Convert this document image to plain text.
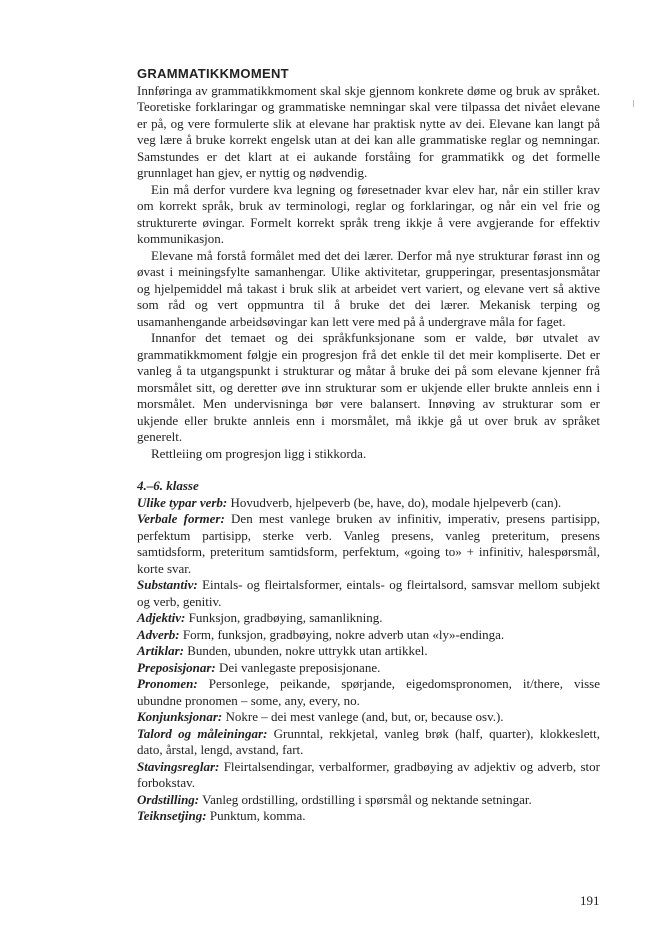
GRAMMATIKKMOMENT

Innføringa av grammatikkmoment skal skje gjennom konkrete døme og bruk av språket. Teoretiske forklaringar og grammatiske nemningar skal vere tilpassa det nivået elevane er på, og vere formulerte slik at elevane har praktisk nytte av dei. Elevane kan langt på veg lære å bruke korrekt engelsk utan at dei kan alle grammatiske reglar og nemningar. Samstundes er det klart at ei aukande forståing for grammatikk og det formelle grunnlaget han gjev, er nyttig og nødvendig.

Ein må derfor vurdere kva legning og føresetnader kvar elev har, når ein stiller krav om korrekt språk, bruk av terminologi, reglar og forklaringar, og når ein vel frie og strukturerte øvingar. Formelt korrekt språk treng ikkje å vere avgjerande for effektiv kommunikasjon.

Elevane må forstå formålet med det dei lærer. Derfor må nye strukturar førast inn og øvast i meiningsfylte samanhengar. Ulike aktivitetar, grupperingar, presentasjonsmåtar og hjelpemiddel må takast i bruk slik at arbeidet vert variert, og elevane vert så aktive som råd og vert oppmuntra til å bruke det dei lærer. Mekanisk terping og usamanhengande arbeidsøvingar kan lett vere med på å undergrave måla for faget.

Innanfor det temaet og dei språkfunksjonane som er valde, bør utvalet av grammatikkmoment følgje ein progresjon frå det enkle til det meir kompliserte. Det er vanleg å ta utgangspunkt i strukturar og måtar å bruke dei på som elevane kjenner frå morsmålet sitt, og deretter øve inn strukturar som er ukjende eller brukte annleis enn i morsmålet. Men undervisninga bør vere balansert. Innøving av strukturar som er ukjende eller brukte annleis enn i morsmålet, må ikkje gå ut over bruk av språket generelt.

Rettleiing om progresjon ligg i stikkorda.

4.–6. klasse

Ulike typar verb: Hovudverb, hjelpeverb (be, have, do), modale hjelpeverb (can).

Verbale former: Den mest vanlege bruken av infinitiv, imperativ, presens partisipp, perfektum partisipp, sterke verb. Vanleg presens, vanleg preteritum, presens samtidsform, preteritum samtidsform, perfektum, «going to» + infinitiv, halespørsmål, korte svar.

Substantiv: Eintals- og fleirtalsformer, eintals- og fleirtalsord, samsvar mellom subjekt og verb, genitiv.

Adjektiv: Funksjon, gradbøying, samanlikning.

Adverb: Form, funksjon, gradbøying, nokre adverb utan «ly»-endinga.

Artiklar: Bunden, ubunden, nokre uttrykk utan artikkel.

Preposisjonar: Dei vanlegaste preposisjonane.

Pronomen: Personlege, peikande, spørjande, eigedomspronomen, it/there, visse ubundne pronomen – some, any, every, no.

Konjunksjonar: Nokre – dei mest vanlege (and, but, or, because osv.).

Talord og måleiningar: Grunntal, rekkjetal, vanleg brøk (half, quarter), klokkeslett, dato, årstal, lengd, avstand, fart.

Stavingsreglar: Fleirtalsendingar, verbalformer, gradbøying av adjektiv og adverb, stor forbokstav.

Ordstilling: Vanleg ordstilling, ordstilling i spørsmål og nektande setningar.

Teiknsetjing: Punktum, komma.

191
